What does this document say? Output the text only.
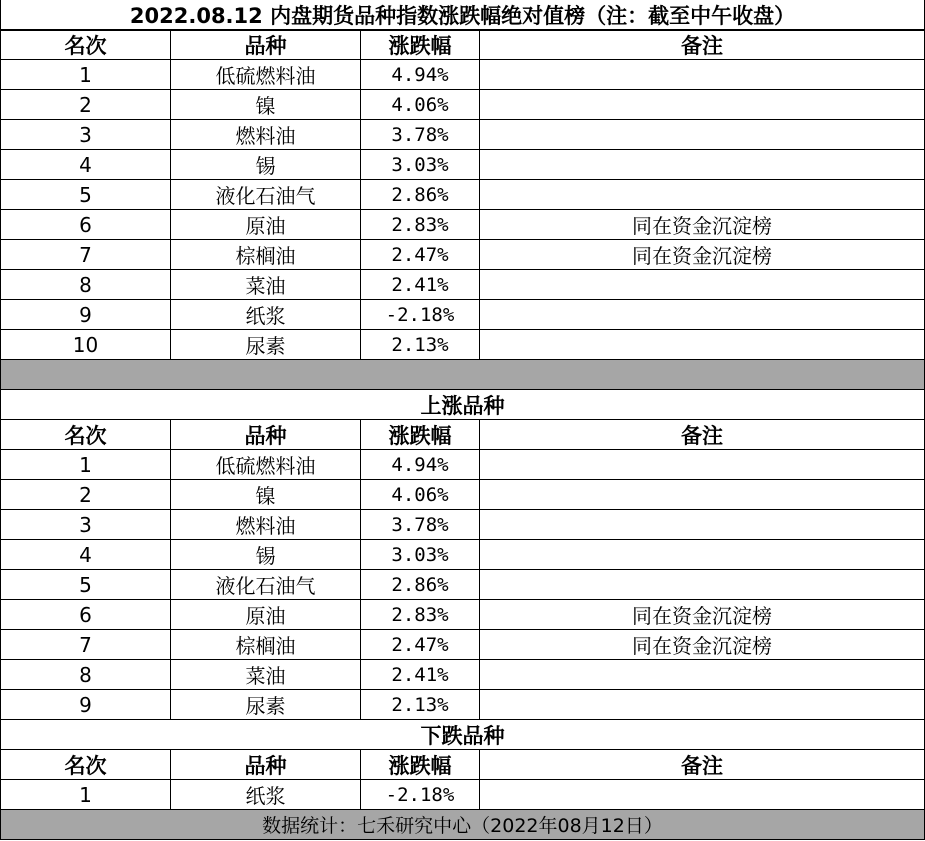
2022.08.12 内盘期货品种指数涨跌幅绝对值榜（注：截至中午收盘）
名次	品种	涨跌幅	备注
1	低硫燃料油	4.94%
2	镍	4.06%
3	燃料油	3.78%
4	锡	3.03%
5	液化石油气	2.86%
6	原油	2.83%	同在资金沉淀榜
7	棕榈油	2.47%	同在资金沉淀榜
8	菜油	2.41%
9	纸浆	-2.18%
10	尿素	2.13%
上涨品种
名次	品种	涨跌幅	备注
1	低硫燃料油	4.94%
2	镍	4.06%
3	燃料油	3.78%
4	锡	3.03%
5	液化石油气	2.86%
6	原油	2.83%	同在资金沉淀榜
7	棕榈油	2.47%	同在资金沉淀榜
8	菜油	2.41%
9	尿素	2.13%
下跌品种
名次	品种	涨跌幅	备注
1	纸浆	-2.18%
数据统计：七禾研究中心（2022年08月12日）
